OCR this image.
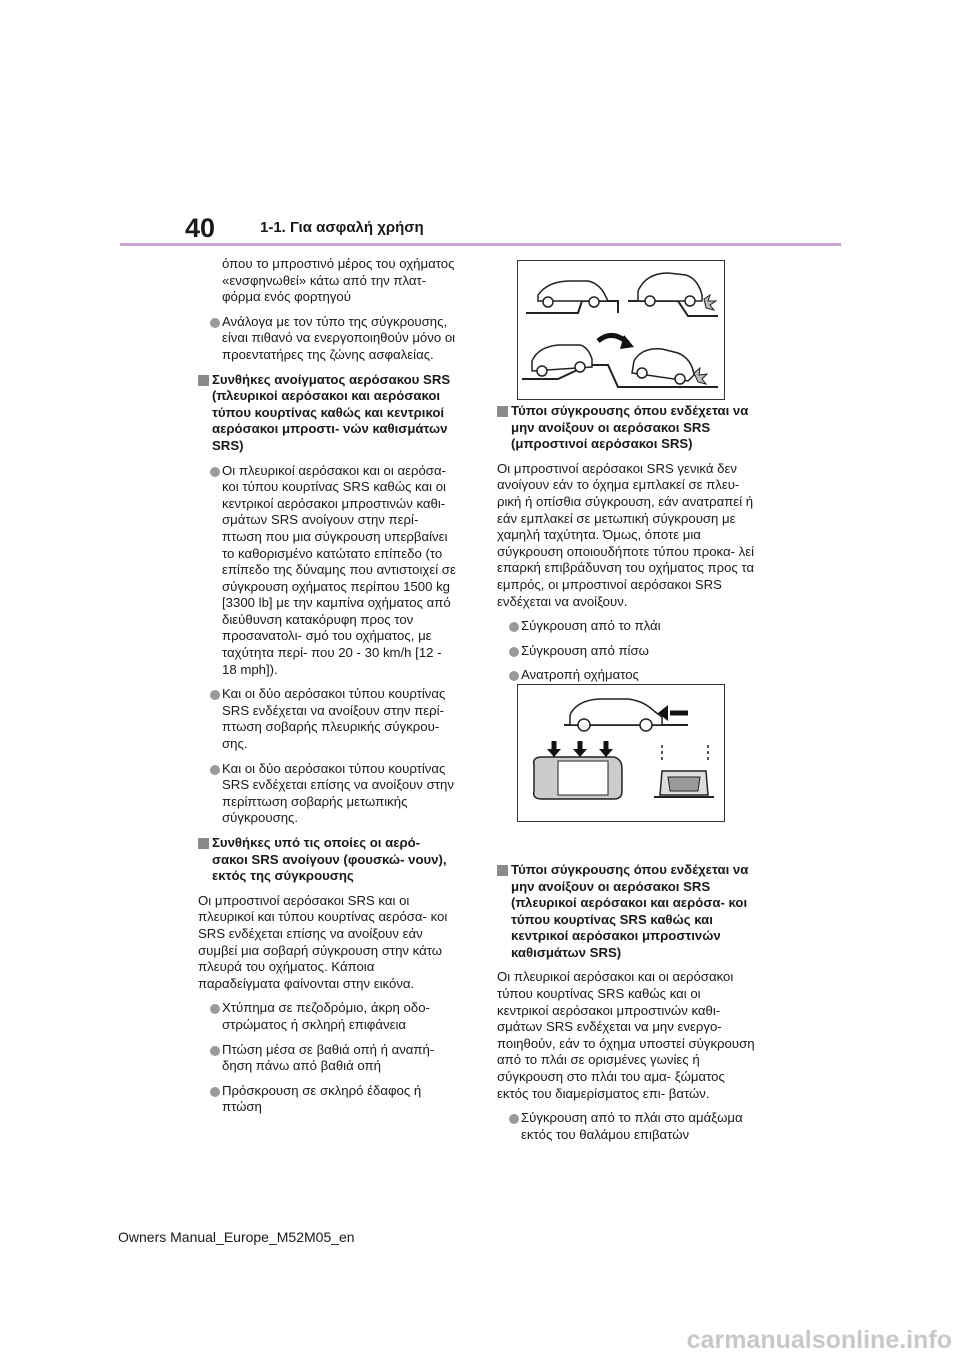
40	1-1. Για ασφαλή χρήση

όπου το μπροστινό μέρος του οχήματος «ενσφηνωθεί» κάτω από την πλατ- φόρμα ενός φορτηγού

Ανάλογα με τον τύπο της σύγκρουσης, είναι πιθανό να ενεργοποιηθούν μόνο οι προεντατήρες της ζώνης ασφαλείας.
Συνθήκες ανοίγματος αερόσακου SRS (πλευρικοί αερόσακοι και αερόσακοι τύπου κουρτίνας καθώς και κεντρικοί αερόσακοι μπροστι- νών καθισμάτων SRS)
Οι πλευρικοί αερόσακοι και οι αερόσα- κοι τύπου κουρτίνας SRS καθώς και οι κεντρικοί αερόσακοι μπροστινών καθι- σμάτων SRS ανοίγουν στην περί- πτωση που μια σύγκρουση υπερβαίνει το καθορισμένο κατώτατο επίπεδο (το επίπεδο της δύναμης που αντιστοιχεί σε σύγκρουση οχήματος περίπου 1500 kg [3300 lb] με την καμπίνα οχήματος από διεύθυνση κατακόρυφη προς τον προσανατολι- σμό του οχήματος, με ταχύτητα περί- που 20 - 30 km/h [12 - 18 mph]).
Και οι δύο αερόσακοι τύπου κουρτίνας SRS ενδέχεται να ανοίξουν στην περί- πτωση σοβαρής πλευρικής σύγκρου- σης.
Και οι δύο αερόσακοι τύπου κουρτίνας SRS ενδέχεται επίσης να ανοίξουν στην περίπτωση σοβαρής μετωπικής σύγκρουσης.
Συνθήκες υπό τις οποίες οι αερό- σακοι SRS ανοίγουν (φουσκώ- νουν), εκτός της σύγκρουσης

Οι μπροστινοί αερόσακοι SRS και οι πλευρικοί και τύπου κουρτίνας αερόσα- κοι SRS ενδέχεται επίσης να ανοίξουν εάν συμβεί μια σοβαρή σύγκρουση στην κάτω πλευρά του οχήματος. Κάποια παραδείγματα φαίνονται στην εικόνα.

Χτύπημα σε πεζοδρόμιο, άκρη οδο- στρώματος ή σκληρή επιφάνεια
Πτώση μέσα σε βαθιά οπή ή αναπή- δηση πάνω από βαθιά οπή
Πρόσκρουση σε σκληρό έδαφος ή πτώση
Τύποι σύγκρουσης όπου ενδέχεται να μην ανοίξουν οι αερόσακοι SRS (μπροστινοί αερόσακοι SRS)

Οι μπροστινοί αερόσακοι SRS γενικά δεν ανοίγουν εάν το όχημα εμπλακεί σε πλευ- ρική ή οπίσθια σύγκρουση, εάν ανατραπεί ή εάν εμπλακεί σε μετωπική σύγκρουση με χαμηλή ταχύτητα. Όμως, όποτε μια σύγκρουση οποιουδήποτε τύπου προκα- λεί επαρκή επιβράδυνση του οχήματος προς τα εμπρός, οι μπροστινοί αερόσακοι SRS ενδέχεται να ανοίξουν.

Σύγκρουση από το πλάι
Σύγκρουση από πίσω
Ανατροπή οχήματος
Τύποι σύγκρουσης όπου ενδέχεται να μην ανοίξουν οι αερόσακοι SRS (πλευρικοί αερόσακοι και αερόσα- κοι τύπου κουρτίνας SRS καθώς και κεντρικοί αερόσακοι μπροστινών καθισμάτων SRS)

Οι πλευρικοί αερόσακοι και οι αερόσακοι τύπου κουρτίνας SRS καθώς και οι κεντρικοί αερόσακοι μπροστινών καθι- σμάτων SRS ενδέχεται να μην ενεργο- ποιηθούν, εάν το όχημα υποστεί σύγκρουση από το πλάι σε ορισμένες γωνίες ή σύγκρουση στο πλάι του αμα- ξώματος εκτός του διαμερίσματος επι- βατών.

Σύγκρουση από το πλάι στο αμάξωμα εκτός του θαλάμου επιβατών
Owners Manual_Europe_M52M05_en
carmanualsonline.info
